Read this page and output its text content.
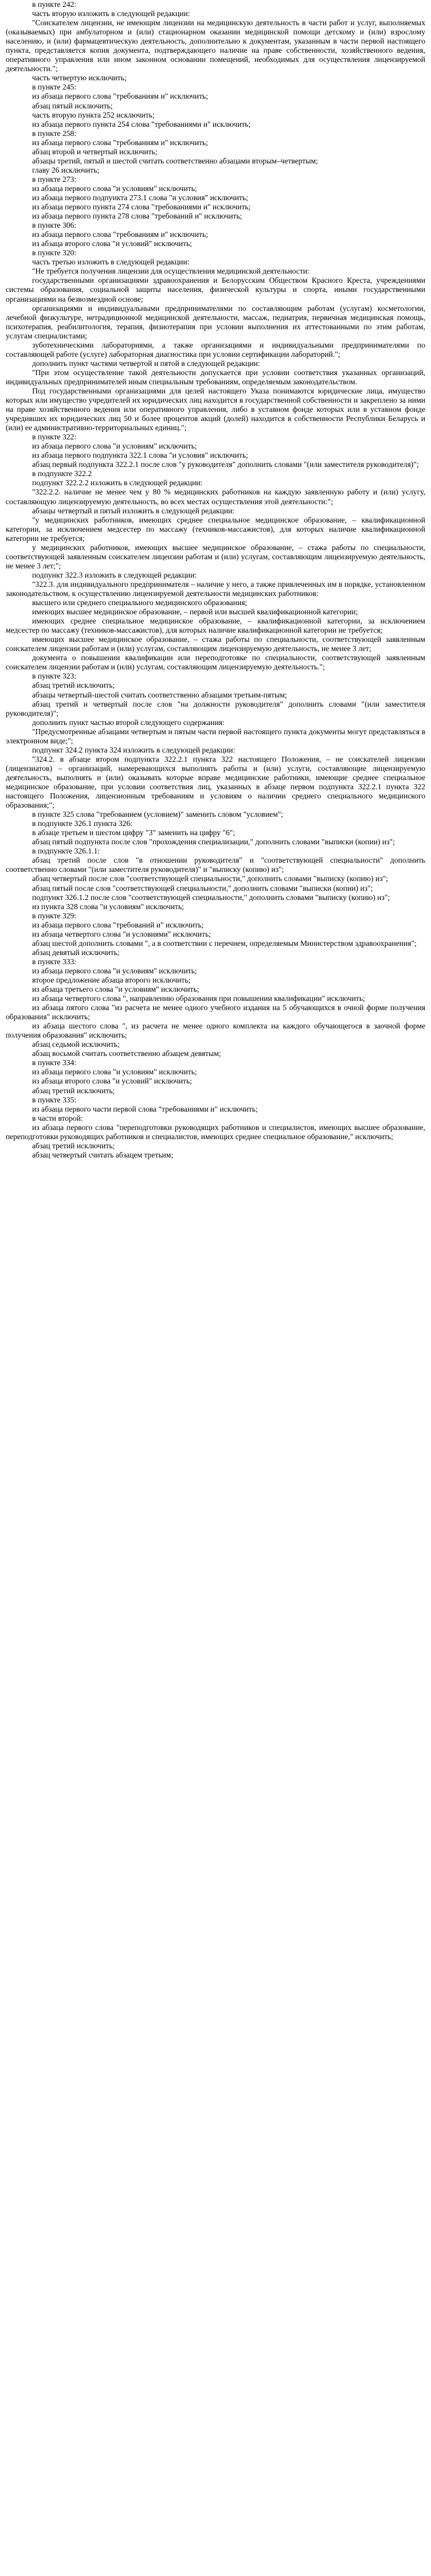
в пункте 242:

часть вторую изложить в следующей редакции:

"Соискателем лицензии, не имеющим лицензии на медицинскую деятельность в части работ и услуг, выполняемых (оказываемых) при амбулаторном и (или) стационарном оказании медицинской помощи детскому и (или) взрослому населению, и (или) фармацевтическую деятельность, дополнительно к документам, указанным в части первой настоящего пункта, представляется копия документа, подтверждающего наличие на праве собственности, хозяйственного ведения, оперативного управления или ином законном основании помещений, необходимых для осуществления лицензируемой деятельности.";

часть четвертую исключить;

в пункте 245:

из абзаца первого слова "требованиям и" исключить;

абзац пятый исключить;

часть вторую пункта 252 исключить;

из абзаца первого пункта 254 слова "требованиями и" исключить;

в пункте 258:

из абзаца первого слова "требованиям и" исключить;

абзац второй и четвертый исключить;

абзацы третий, пятый и шестой считать соответственно абзацами вторым–четвертым;

главу 26 исключить;

в пункте 273:

из абзаца первого слова "и условиям" исключить;

из абзаца первого подпункта 273.1 слова "и условия" исключить;

из абзаца первого пункта 274 слова "требованиями и" исключить;

из абзаца первого пункта 278 слова "требований и" исключить;

в пункте 306:

из абзаца первого слова "требованиям и" исключить;

из абзаца второго слова "и условий" исключить;

в пункте 320:

часть третью изложить в следующей редакции:

"Не требуется получения лицензии для осуществления медицинской деятельности:

государственными организациями здравоохранения и Белорусским Обществом Красного Креста, учреждениями системы образования, социальной защиты населения, физической культуры и спорта, иными государственными организациями на безвозмездной основе;

организациями и индивидуальными предпринимателями по составляющим работам (услугам) косметологии, лечебной физкультуре, нетрадиционной медицинской деятельности, массаж, педиатрия, первичная медицинская помощь, психотерапия, реабилитология, терапия, физиотерапия при условии выполнения их аттестованными по этим работам, услугам специалистами;

зуботехническими лабораториями, а также организациями и индивидуальными предпринимателями по составляющей работе (услуге) лабораторная диагностика при условии сертификации лабораторий.";

дополнить пункт частями четвертой и пятой в следующей редакции:

"При этом осуществление такой деятельности допускается при условии соответствия указанных организаций, индивидуальных предпринимателей иным специальным требованиям, определяемым законодательством.

Под государственными организациями для целей настоящего Указа понимаются юридические лица, имущество которых или имущество учредителей их юридических лиц находится в государственной собственности и закреплено за ними на праве хозяйственного ведения или оперативного управления, либо в уставном фонде которых или в уставном фонде учредивших их юридических лиц 50 и более процентов акций (долей) находится в собственности Республики Беларусь и (или) ее административно-территориальных единиц.";

в пункте 322:

из абзаца первого слова "и условиям" исключить;

из абзаца первого подпункта 322.1 слова "и условия" исключить;

абзац первый подпункта 322.2.1 после слов "у руководителя" дополнить словами "(или заместителя руководителя)";

в подпункте 322.2

подпункт 322.2.2 изложить в следующей редакции:

"322.2.2. наличие не менее чем у 80 % медицинских работников на каждую заявленную работу и (или) услугу, составляющую лицензируемую деятельность, во всех местах осуществления этой деятельности:";

абзацы четвертый и пятый изложить в следующей редакции:

"у медицинских работников, имеющих среднее специальное медицинское образование, – квалификационной категории, за исключением медсестер по массажу (техников-массажистов), для которых наличие квалификационной категории не требуется;

у медицинских работников, имеющих высшее медицинское образование, – стажа работы по специальности, соответствующей заявленным соискателем лицензии работам и (или) услугам, составляющим лицензируемую деятельность, не менее 3 лет;";

подпункт 322.3 изложить в следующей редакции:

"322.3. для индивидуального предпринимателя – наличие у него, а также привлеченных им в порядке, установленном законодательством, к осуществлению лицензируемой деятельности медицинских работников:

высшего или среднего специального медицинского образования;

имеющих высшее медицинское образование, – первой или высшей квалификационной категории;

имеющих среднее специальное медицинское образование, – квалификационной категории, за исключением медсестер по массажу (техников-массажистов), для которых наличие квалификационной категории не требуется;

имеющих высшее медицинское образование, – стажа работы по специальности, соответствующей заявленным соискателем лицензии работам и (или) услугам, составляющим лицензируемую деятельность, не менее 3 лет;

документа о повышении квалификации или переподготовке по специальности, соответствующей заявленным соискателем лицензии работам и (или) услугам, составляющим лицензируемую деятельность.";

в пункте 323:

абзац третий исключить;

абзацы четвертый-шестой считать соответственно абзацами третьим-пятым;

абзац третий и четвертый после слов "на должности руководителя" дополнить словами "(или заместителя руководителя)";

дополнить пункт частью второй следующего содержания:

"Предусмотренные абзацами четвертым и пятым части первой настоящего пункта документы могут представляться в электронном виде;";

подпункт 324.2 пункта 324 изложить в следующей редакции:

"324.2. в абзаце втором подпункта 322.2.1 пункта 322 настоящего Положения, – не соискателей лицензии (лицензиатов) – организаций, намеревающихся выполнять работы и (или) услуги, составляющие лицензируемую деятельность, выполнять и (или) оказывать которые вправе медицинские работники, имеющие среднее специальное медицинское образование, при условии соответствия лиц, указанных в абзаце первом подпункта 322.2.1 пункта 322 настоящего Положения, лицензионным требованиям и условиям о наличии среднего специального медицинского образования;";

в пункте 325 слова "требованием (условием)" заменить словом "условием";

в подпункте 326.1 пункта 326:

в абзаце третьем и шестом цифру "3" заменить на цифру "6";

абзац пятый подпункта после слов "прохождения специализации," дополнить словами "выписки (копии) из";

в подпункте 326.1.1:

абзац третий после слов "в отношении руководителя" и "соответствующей специальности" дополнить соответственно словами "(или заместителя руководителя)" и "выписку (копию) из";

абзац четвертый после слов "соответствующей специальности," дополнить словами "выписку (копию) из";

абзац пятый после слов "соответствующей специальности," дополнить словами "выписки (копии) из";

подпункт 326.1.2 после слов "соответствующей специальности," дополнить словами "выписку (копию) из";

из пункта 328 слова "и условиям" исключить;

в пункте 329:

из абзаца первого слова "требований и" исключить;

из абзаца четвертого слова "и условиями" исключить;

абзац шестой дополнить словами ", а в соответствии с перечнем, определяемым Министерством здравоохранения";

абзац девятый исключить;

в пункте 333:

из абзаца первого слова "и условиям" исключить;

второе предложение абзаца второго исключить;

из абзаца третьего слова "и условиям" исключить;

из абзаца четвертого слова ", направлению образования при повышении квалификации" исключить;

из абзаца пятого слова "из расчета не менее одного учебного издания на 5 обучающихся в очной форме получения образования" исключить;

из абзаца шестого слова ", из расчета не менее одного комплекта на каждого обучающегося в заочной форме получения образования" исключить;

абзац седьмой исключить;

абзац восьмой считать соответственно абзацем девятым;

в пункте 334:

из абзаца первого слова "и условиям" исключить;

из абзаца второго слова "и условий" исключить;

абзац третий исключить;

в пункте 335:

из абзаца первого части первой слова "требованиями и" исключить;

в части второй:

из абзаца первого слова "переподготовки руководящих работников и специалистов, имеющих высшее образование, переподготовки руководящих работников и специалистов, имеющих среднее специальное образование," исключить;

абзац третий исключить;

абзац четвертый считать абзацем третьим;
